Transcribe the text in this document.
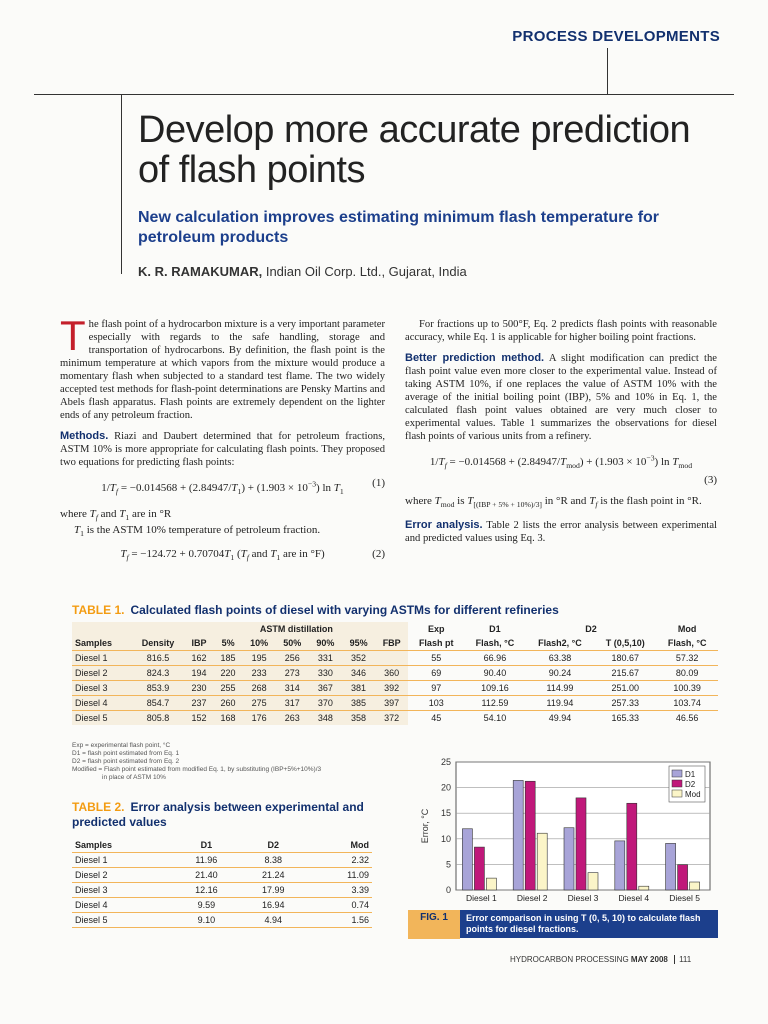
PROCESS DEVELOPMENTS
Develop more accurate prediction
of flash points
New calculation improves estimating minimum flash temperature for petroleum products
K. R. RAMAKUMAR, Indian Oil Corp. Ltd., Gujarat, India

The flash point of a hydrocarbon mixture is a very important parameter especially with regards to the safe handling, storage and transportation of hydrocarbons. By definition, the flash point is the minimum temperature at which vapors from the mixture would produce a momentary flash when subjected to a standard test flame. The two widely accepted test methods for flash-point determinations are Pensky Martins and Abels flash apparatus. Flash points are extremely dependent on the lighter ends of any petroleum fraction.

Methods. Riazi and Daubert determined that for petroleum fractions, ASTM 10% is more appropriate for calculating flash points. They proposed two equations for predicting flash points:

$1/T_f = -0.014568 + (2.84947/T_1) + (1.903 \times 10^{-3})$ $\ln T_1$
(1)
where $T_f$ and $T_1$ are in °R
$T_1$ is the ASTM 10% temperature of petroleum fraction.
$T_f = -124.72 + 0.70704T_1$ ($T_f$ and $T_1$ are in °F)	(2)

For fractions up to 500°F, Eq. 2 predicts flash points with reasonable accuracy, while Eq. 1 is applicable for higher boiling point fractions.

Better prediction method. A slight modification can predict the flash point value even more closer to the experimental value. Instead of taking ASTM 10%, if one replaces the value of ASTM 10% with the average of the initial boiling point (IBP), 5% and 10% in Eq. 1, the calculated flash point values obtained are very much closer to experimental values. Table 1 summarizes the observations for diesel flash points of various units from a refinery.

$1/T_f = -0.014568 + (2.84947/T_{mod}) + (1.903 \times 10^{-3})$ $\ln T_{mod}$
(3)

where $T_{mod}$ is $T_{[(IBP + 5\% + 10\%)/3]}$ in °R and $T_f$ is the flash point in °R.

Error analysis. Table 2 lists the error analysis between experimental and predicted values using Eq. 3.

TABLE 1. Calculated flash points of diesel with varying ASTMs for different refineries
		ASTM distillation							Exp	D1	D2		Mod
Samples	Density	IBP	5%	10%	50%	90%	95%	FBP	Flash pt	Flash, °C	Flash2, °C	T (0,5,10)	Flash, °C
Diesel 1	816.5	162	185	195	256	331	352		55	66.96	63.38	180.67	57.32
Diesel 2	824.3	194	220	233	273	330	346	360	69	90.40	90.24	215.67	80.09
Diesel 3	853.9	230	255	268	314	367	381	392	97	109.16	114.99	251.00	100.39
Diesel 4	854.7	237	260	275	317	370	385	397	103	112.59	119.94	257.33	103.74
Diesel 5	805.8	152	168	176	263	348	358	372	45	54.10	49.94	165.33	46.56
Exp = experimental flash point, °C
D1 = flash point estimated from Eq. 1
D2 = flash point estimated from Eq. 2
Modified = Flash point estimated from modified Eq. 1, by substituting (IBP+5%+10%)/3
in place of ASTM 10%
TABLE 2. Error analysis between experimental and predicted values
Samples	D1	D2	Mod
Diesel 1	11.96	8.38	2.32
Diesel 2	21.40	21.24	11.09
Diesel 3	12.16	17.99	3.39
Diesel 4	9.59	16.94	0.74
Diesel 5	9.10	4.94	1.56
0
5
10
15
20
25
Error, °C
Diesel 1 Diesel 2 Diesel 3 Diesel 4 Diesel 5
D1
D2
Mod
FIG. 1	Error comparison in using T (0, 5, 10) to calculate flash points for diesel fractions.
HYDROCARBON PROCESSING MAY 2008 111
